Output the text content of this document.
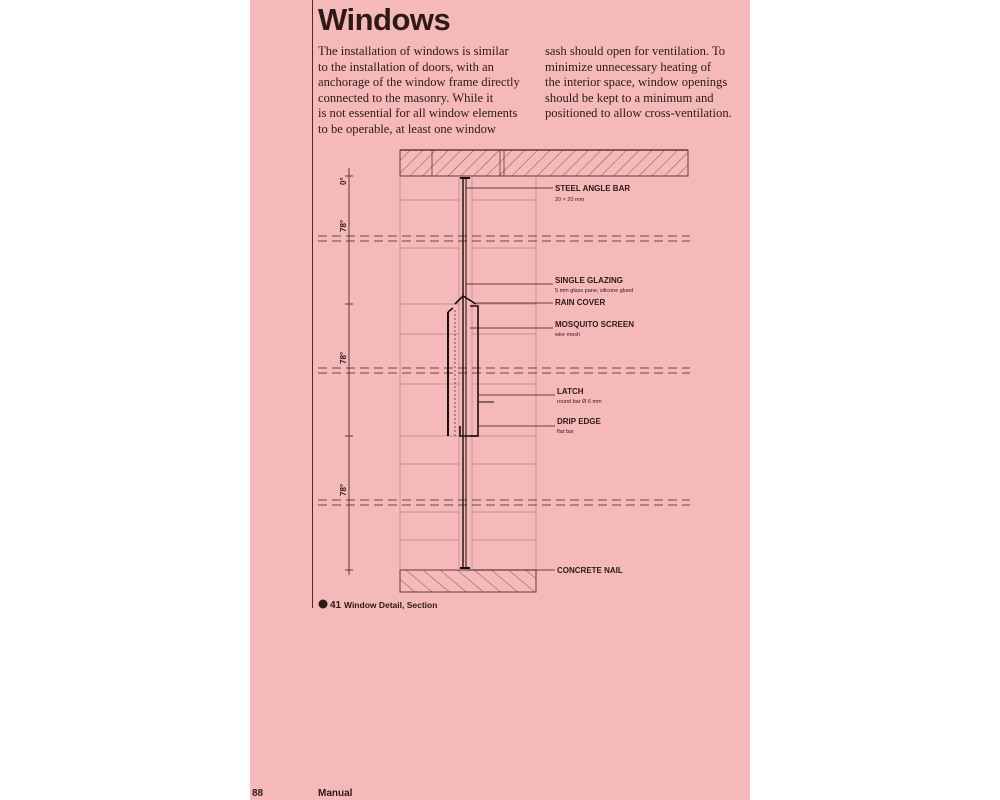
Windows
The installation of windows is similar
to the installation of doors, with an
anchorage of the window frame directly
connected to the masonry. While it
is not essential for all window elements
to be operable, at least one window
sash should open for ventilation. To
minimize unnecessary heating of
the interior space, window openings
should be kept to a minimum and
positioned to allow cross-ventilation.
0°
78°
78°
78°
STEEL ANGLE BAR
20 × 20 mm
SINGLE GLAZING
5 mm glass pane, silicone glued
RAIN COVER
MOSQUITO SCREEN
wire mesh
LATCH
round bar Ø 6 mm
DRIP EDGE
flat bar
CONCRETE NAIL
41 Window Detail, Section
88	Manual
